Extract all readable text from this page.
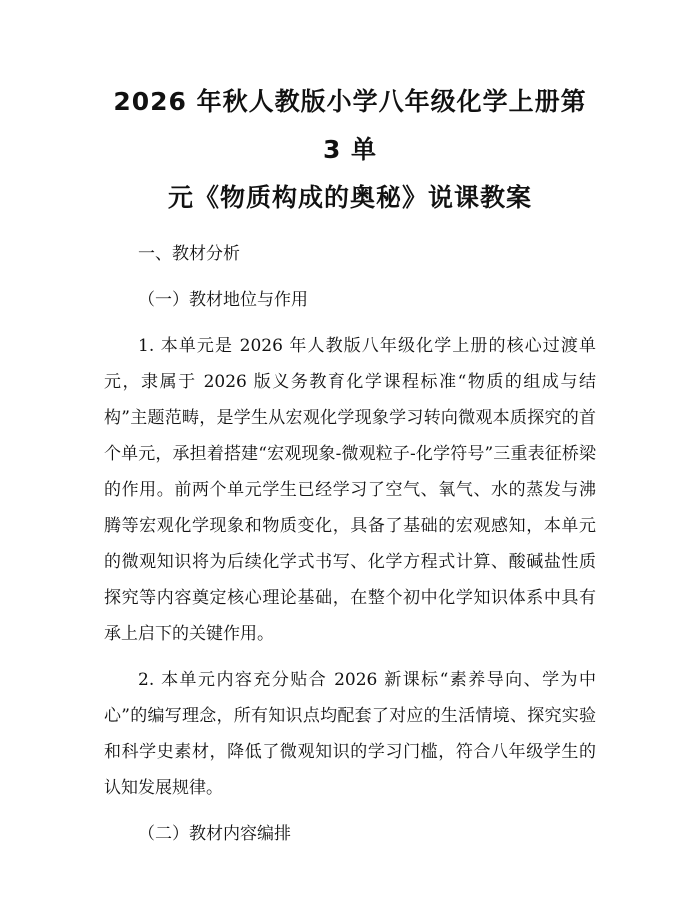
2026 年秋人教版小学八年级化学上册第 3 单
元《物质构成的奥秘》说课教案

一、教材分析

（一）教材地位与作用

1. 本单元是 2026 年人教版八年级化学上册的核心过渡单元，隶属于 2026 版义务教育化学课程标准“物质的组成与结构”主题范畴，是学生从宏观化学现象学习转向微观本质探究的首个单元，承担着搭建“宏观现象-微观粒子-化学符号”三重表征桥梁的作用。前两个单元学生已经学习了空气、氧气、水的蒸发与沸腾等宏观化学现象和物质变化，具备了基础的宏观感知，本单元的微观知识将为后续化学式书写、化学方程式计算、酸碱盐性质探究等内容奠定核心理论基础，在整个初中化学知识体系中具有承上启下的关键作用。

2. 本单元内容充分贴合 2026 新课标“素养导向、学为中心”的编写理念，所有知识点均配套了对应的生活情境、探究实验和科学史素材，降低了微观知识的学习门槛，符合八年级学生的认知发展规律。

（二）教材内容编排
